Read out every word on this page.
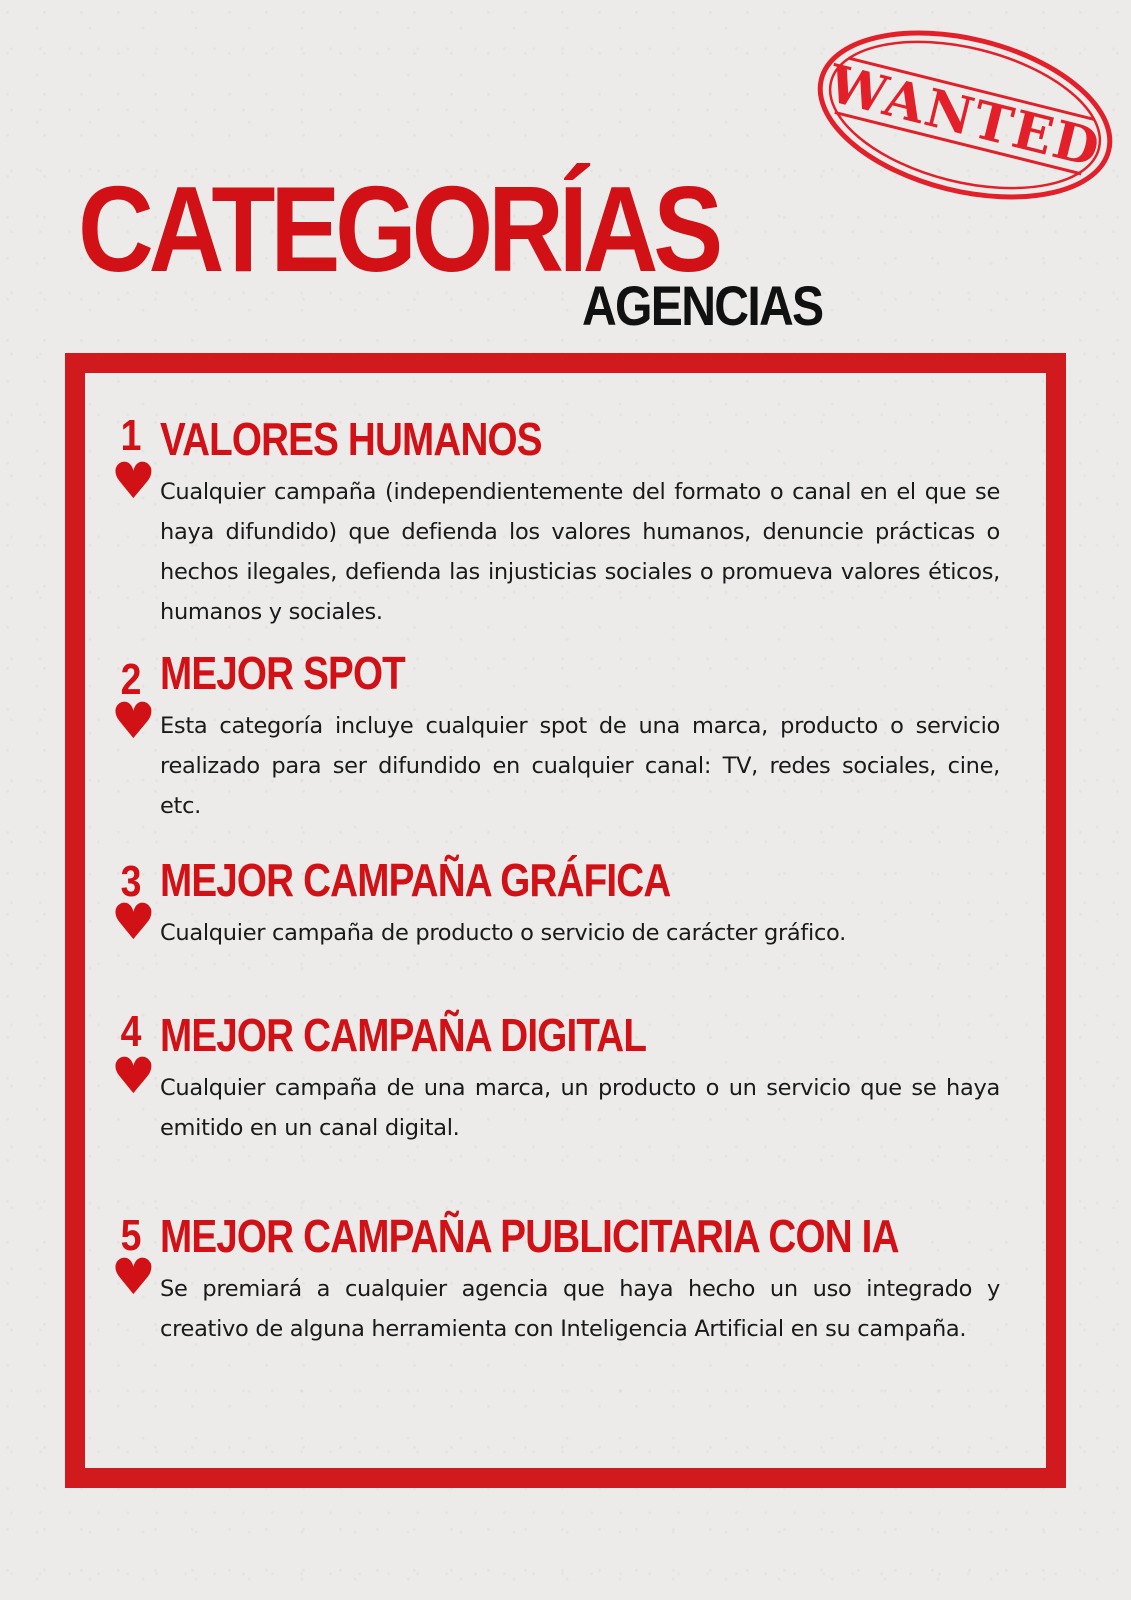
WANTED
CATEGORÍAS
AGENCIAS
1
♥
VALORES HUMANOS

Cualquier campaña (independientemente del formato o canal en el que se haya difundido) que defienda los valores humanos, denuncie prácticas o hechos ilegales, defienda las injusticias sociales o promueva valores éticos, humanos y sociales.

2
♥
MEJOR SPOT

Esta categoría incluye cualquier spot de una marca, producto o servicio realizado para ser difundido en cualquier canal: TV, redes sociales, cine, etc.

3
♥
MEJOR CAMPAÑA GRÁFICA

Cualquier campaña de producto o servicio de carácter gráfico.

4
♥
MEJOR CAMPAÑA DIGITAL

Cualquier campaña de una marca, un producto o un servicio que se haya emitido en un canal digital.

5
♥
MEJOR CAMPAÑA PUBLICITARIA CON IA

Se premiará a cualquier agencia que haya hecho un uso integrado y creativo de alguna herramienta con Inteligencia Artificial en su campaña.
